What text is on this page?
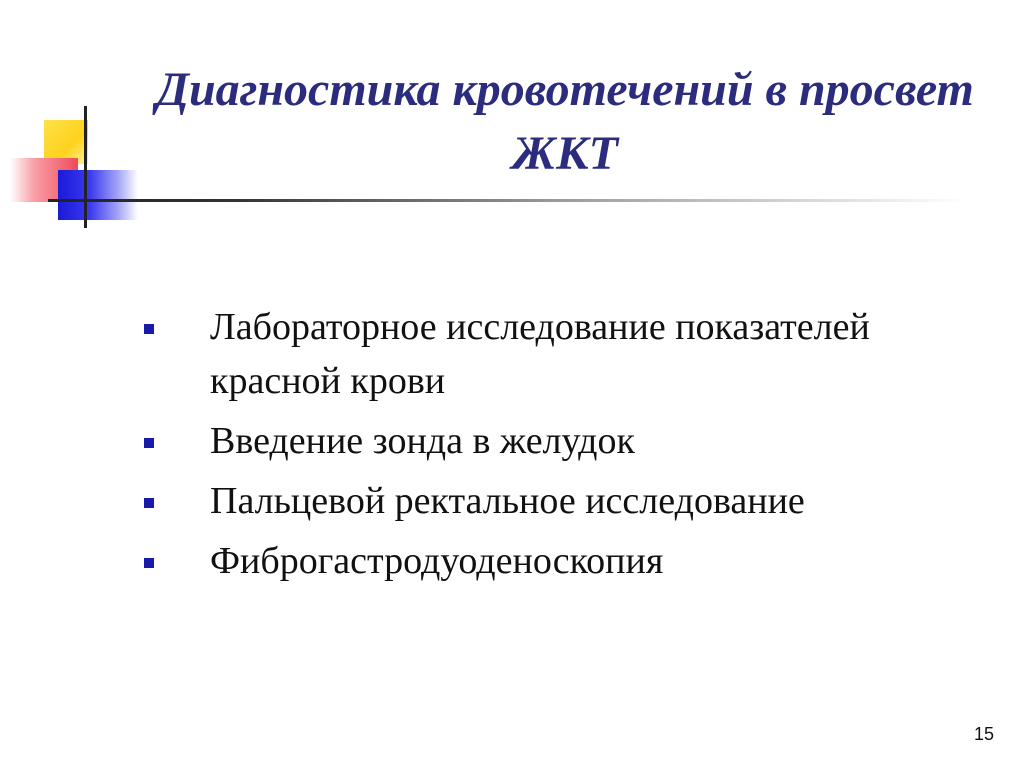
Диагностика кровотечений в просвет ЖКТ
Лабораторное исследование показателей красной крови
Введение зонда в желудок
Пальцевой ректальное исследование
Фиброгастродуоденоскопия
15
